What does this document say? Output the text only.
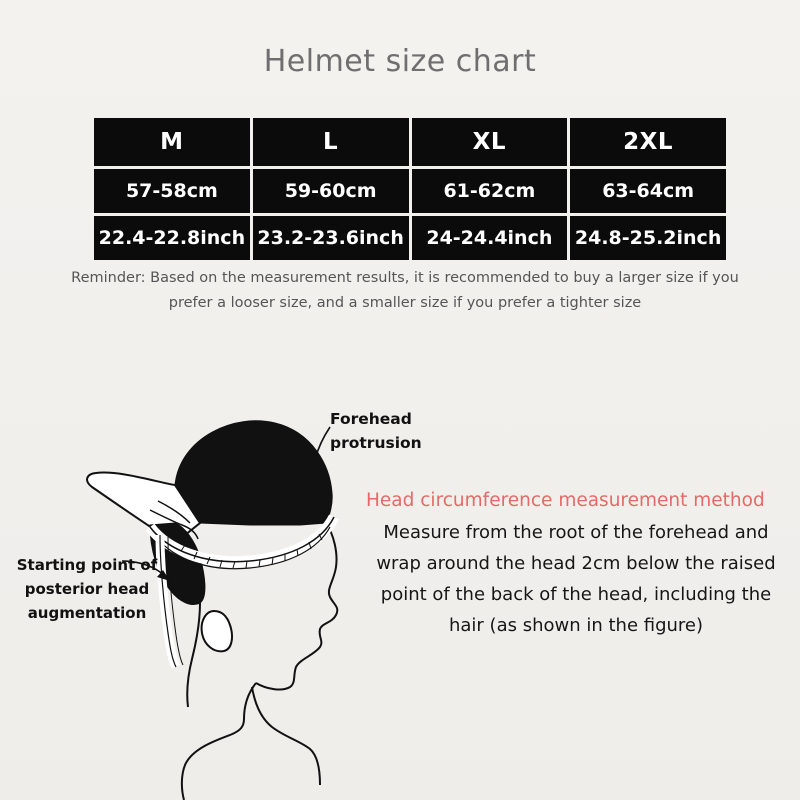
Helmet size chart
M	L	XL	2XL
57-58cm	59-60cm	61-62cm	63-64cm
22.4-22.8inch	23.2-23.6inch	24-24.4inch	24.8-25.2inch
Reminder: Based on the measurement results, it is recommended to buy a larger size if you prefer a looser size, and a smaller size if you prefer a tighter size
Forehead protrusion
Starting point of posterior head augmentation
Head circumference measurement method
Measure from the root of the forehead and wrap around the head 2cm below the raised point of the back of the head, including the hair (as shown in the figure)
